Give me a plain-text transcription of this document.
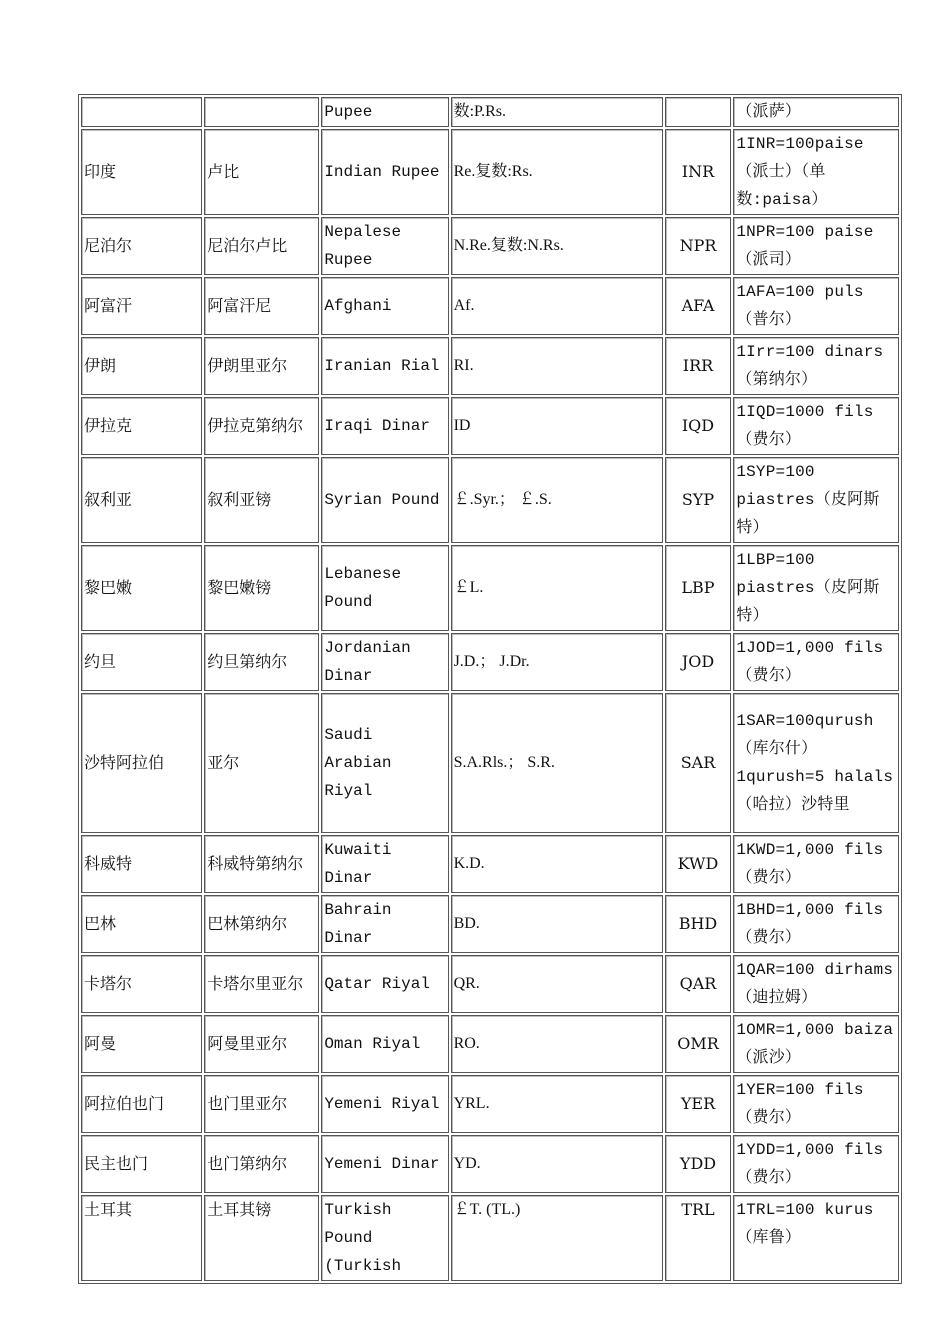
		Pupee	数:P.Rs.		（派萨）
印度	卢比	Indian Rupee	Re.复数:Rs.	INR	1INR=100paise（派士）（单数:paisa）
尼泊尔	尼泊尔卢比	Nepalese Rupee	N.Re.复数:N.Rs.	NPR	1NPR=100 paise（派司）
阿富汗	阿富汗尼	Afghani	Af.	AFA	1AFA=100 puls（普尔）
伊朗	伊朗里亚尔	Iranian Rial	RI.	IRR	1Irr=100 dinars（第纳尔）
伊拉克	伊拉克第纳尔	Iraqi Dinar	ID	IQD	1IQD=1000 fils（费尔）
叙利亚	叙利亚镑	Syrian Pound	￡.Syr.； ￡.S.	SYP	1SYP=100 piastres（皮阿斯特）
黎巴嫩	黎巴嫩镑	Lebanese Pound	￡L.	LBP	1LBP=100 piastres（皮阿斯特）
约旦	约旦第纳尔	Jordanian Dinar	J.D.； J.Dr.	JOD	1JOD=1,000 fils（费尔）
沙特阿拉伯	亚尔	Saudi Arabian Riyal	S.A.Rls.； S.R.	SAR	1SAR=100qurush（库尔什）1qurush=5 halals（哈拉）沙特里
科威特	科威特第纳尔	Kuwaiti Dinar	K.D.	KWD	1KWD=1,000 fils（费尔）
巴林	巴林第纳尔	Bahrain Dinar	BD.	BHD	1BHD=1,000 fils（费尔）
卡塔尔	卡塔尔里亚尔	Qatar Riyal	QR.	QAR	1QAR=100 dirhams（迪拉姆）
阿曼	阿曼里亚尔	Oman Riyal	RO.	OMR	1OMR=1,000 baiza（派沙）
阿拉伯也门	也门里亚尔	Yemeni Riyal	YRL.	YER	1YER=100 fils（费尔）
民主也门	也门第纳尔	Yemeni Dinar	YD.	YDD	1YDD=1,000 fils（费尔）
土耳其	土耳其镑	Turkish Pound (Turkish	￡T. (TL.)	TRL	1TRL=100 kurus（库鲁）
